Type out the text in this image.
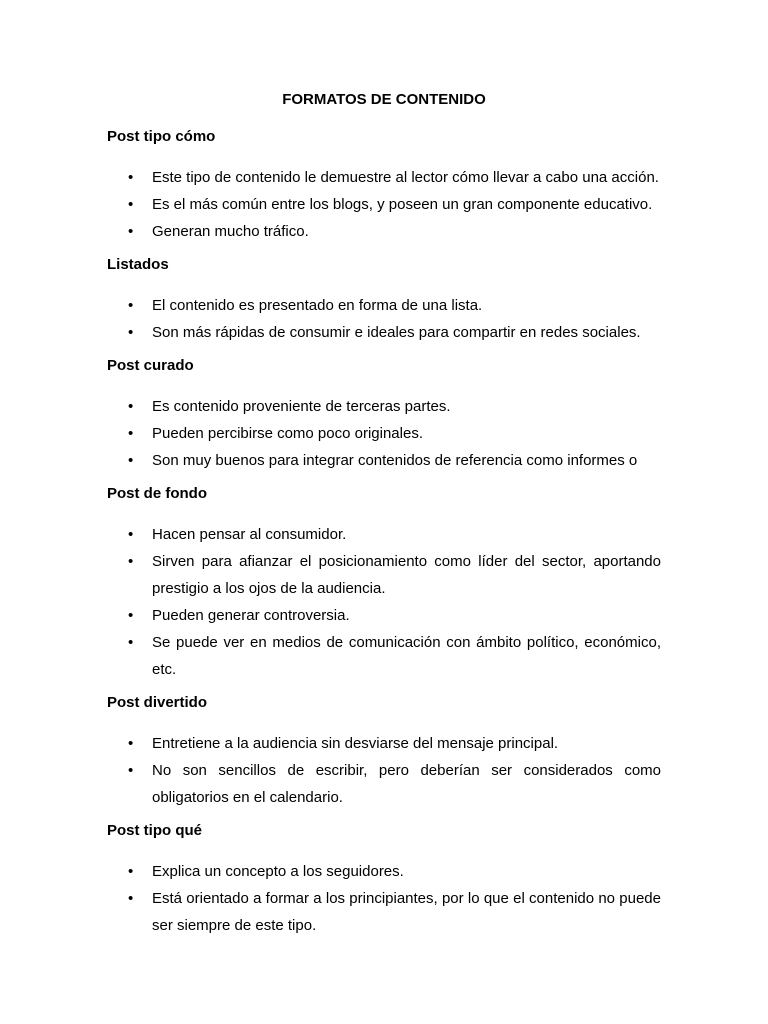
FORMATOS DE CONTENIDO
Post tipo cómo
• Este tipo de contenido le demuestre al lector cómo llevar a cabo una acción.
• Es el más común entre los blogs, y poseen un gran componente educativo.
• Generan mucho tráfico.
Listados
• El contenido es presentado en forma de una lista.
• Son más rápidas de consumir e ideales para compartir en redes sociales.
Post curado
• Es contenido proveniente de terceras partes.
• Pueden percibirse como poco originales.
• Son muy buenos para integrar contenidos de referencia como informes o
Post de fondo
• Hacen pensar al consumidor.
• Sirven para afianzar el posicionamiento como líder del sector, aportando prestigio a los ojos de la audiencia.
• Pueden generar controversia.
• Se puede ver en medios de comunicación con ámbito político, económico, etc.
Post divertido
• Entretiene a la audiencia sin desviarse del mensaje principal.
• No son sencillos de escribir, pero deberían ser considerados como obligatorios en el calendario.
Post tipo qué
• Explica un concepto a los seguidores.
• Está orientado a formar a los principiantes, por lo que el contenido no puede ser siempre de este tipo.
